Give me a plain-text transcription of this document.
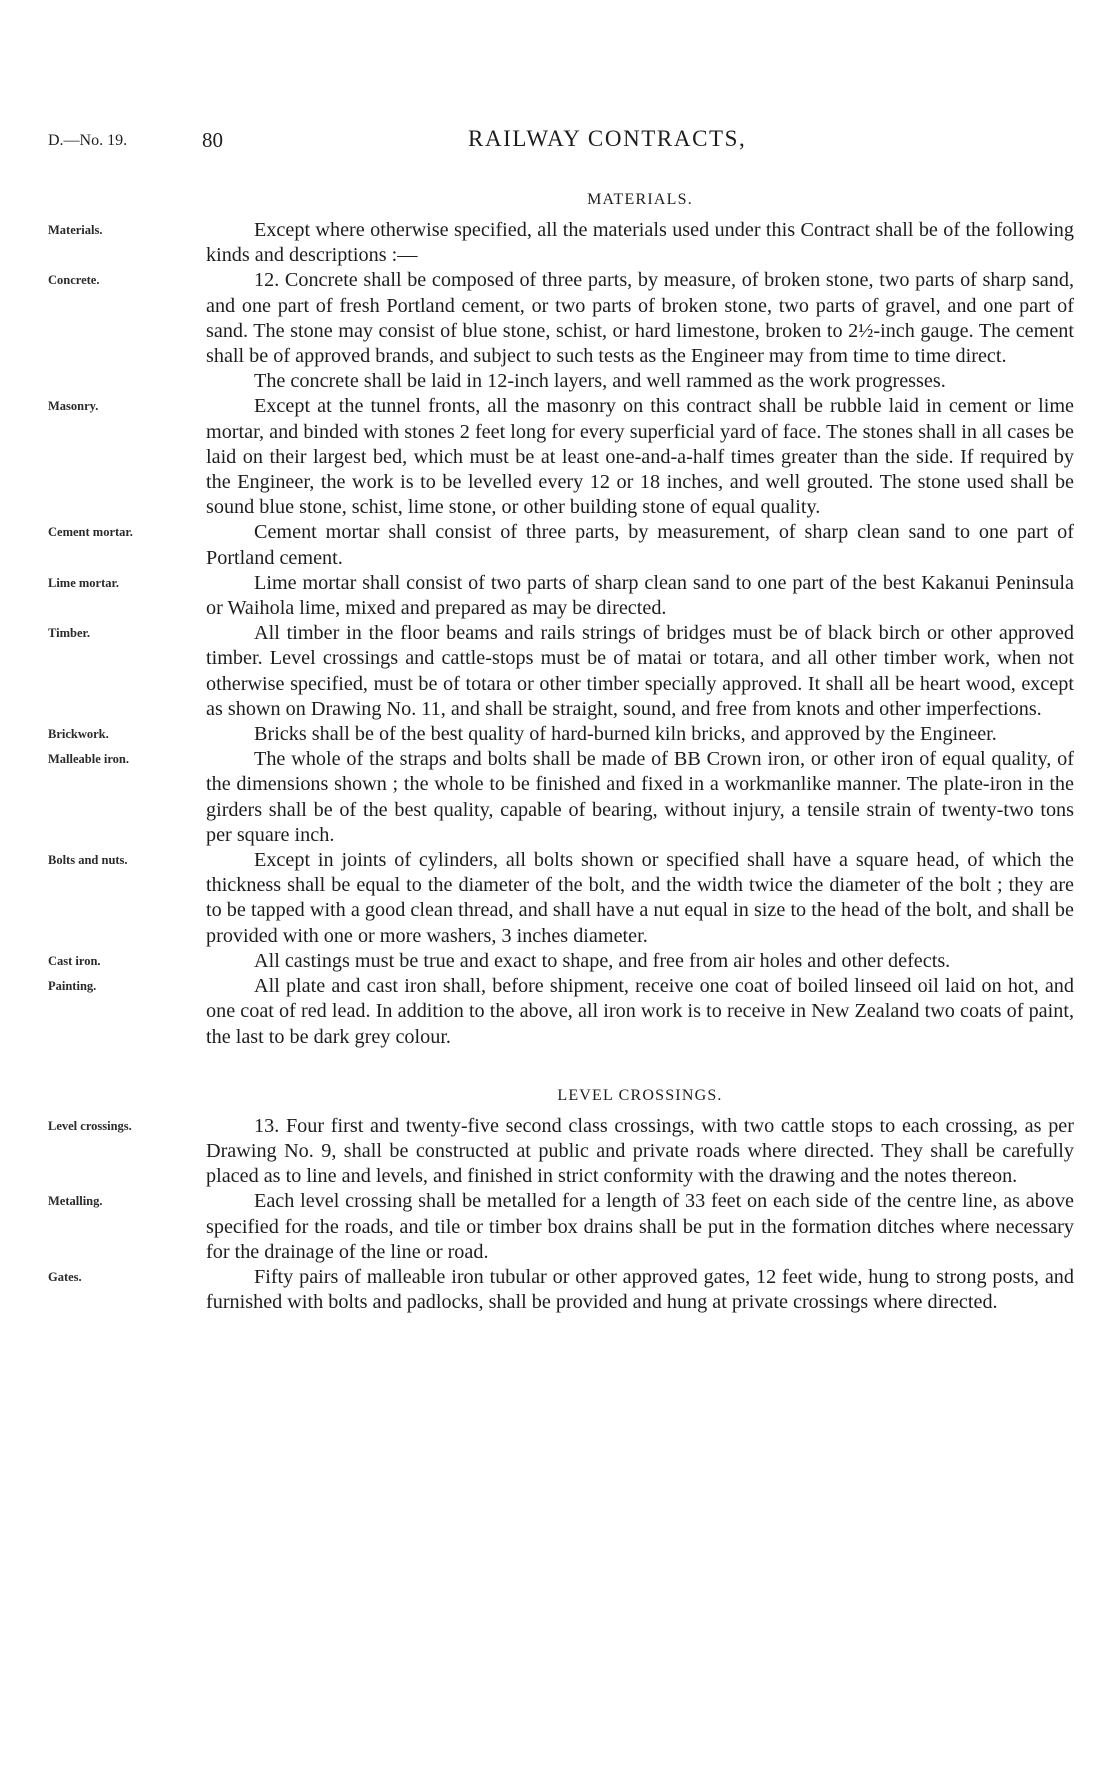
D.—No. 19.	80	RAILWAY CONTRACTS,
MATERIALS.
Materials.	Except where otherwise specified, all the materials used under this Contract shall be of the following kinds and descriptions :—
Concrete.	12. Concrete shall be composed of three parts, by measure, of broken stone, two parts of sharp sand, and one part of fresh Portland cement, or two parts of broken stone, two parts of gravel, and one part of sand. The stone may consist of blue stone, schist, or hard limestone, broken to 2½-inch gauge. The cement shall be of approved brands, and subject to such tests as the Engineer may from time to time direct.
The concrete shall be laid in 12-inch layers, and well rammed as the work progresses.
Masonry.	Except at the tunnel fronts, all the masonry on this contract shall be rubble laid in cement or lime mortar, and binded with stones 2 feet long for every superficial yard of face. The stones shall in all cases be laid on their largest bed, which must be at least one-and-a-half times greater than the side. If required by the Engineer, the work is to be levelled every 12 or 18 inches, and well grouted. The stone used shall be sound blue stone, schist, lime stone, or other building stone of equal quality.
Cement mortar.	Cement mortar shall consist of three parts, by measurement, of sharp clean sand to one part of Portland cement.
Lime mortar.	Lime mortar shall consist of two parts of sharp clean sand to one part of the best Kakanui Peninsula or Waihola lime, mixed and prepared as may be directed.
Timber.	All timber in the floor beams and rails strings of bridges must be of black birch or other approved timber. Level crossings and cattle-stops must be of matai or totara, and all other timber work, when not otherwise specified, must be of totara or other timber specially approved. It shall all be heart wood, except as shown on Drawing No. 11, and shall be straight, sound, and free from knots and other imperfections.
Brickwork.	Bricks shall be of the best quality of hard-burned kiln bricks, and approved by the Engineer.
Malleable iron.	The whole of the straps and bolts shall be made of BB Crown iron, or other iron of equal quality, of the dimensions shown ; the whole to be finished and fixed in a workmanlike manner. The plate-iron in the girders shall be of the best quality, capable of bearing, without injury, a tensile strain of twenty-two tons per square inch.
Bolts and nuts.	Except in joints of cylinders, all bolts shown or specified shall have a square head, of which the thickness shall be equal to the diameter of the bolt, and the width twice the diameter of the bolt ; they are to be tapped with a good clean thread, and shall have a nut equal in size to the head of the bolt, and shall be provided with one or more washers, 3 inches diameter.
Cast iron.	All castings must be true and exact to shape, and free from air holes and other defects.
Painting.	All plate and cast iron shall, before shipment, receive one coat of boiled linseed oil laid on hot, and one coat of red lead. In addition to the above, all iron work is to receive in New Zealand two coats of paint, the last to be dark grey colour.
LEVEL CROSSINGS.
Level crossings.	13. Four first and twenty-five second class crossings, with two cattle stops to each crossing, as per Drawing No. 9, shall be constructed at public and private roads where directed. They shall be carefully placed as to line and levels, and finished in strict conformity with the drawing and the notes thereon.
Metalling.	Each level crossing shall be metalled for a length of 33 feet on each side of the centre line, as above specified for the roads, and tile or timber box drains shall be put in the formation ditches where necessary for the drainage of the line or road.
Gates.	Fifty pairs of malleable iron tubular or other approved gates, 12 feet wide, hung to strong posts, and furnished with bolts and padlocks, shall be provided and hung at private crossings where directed.
